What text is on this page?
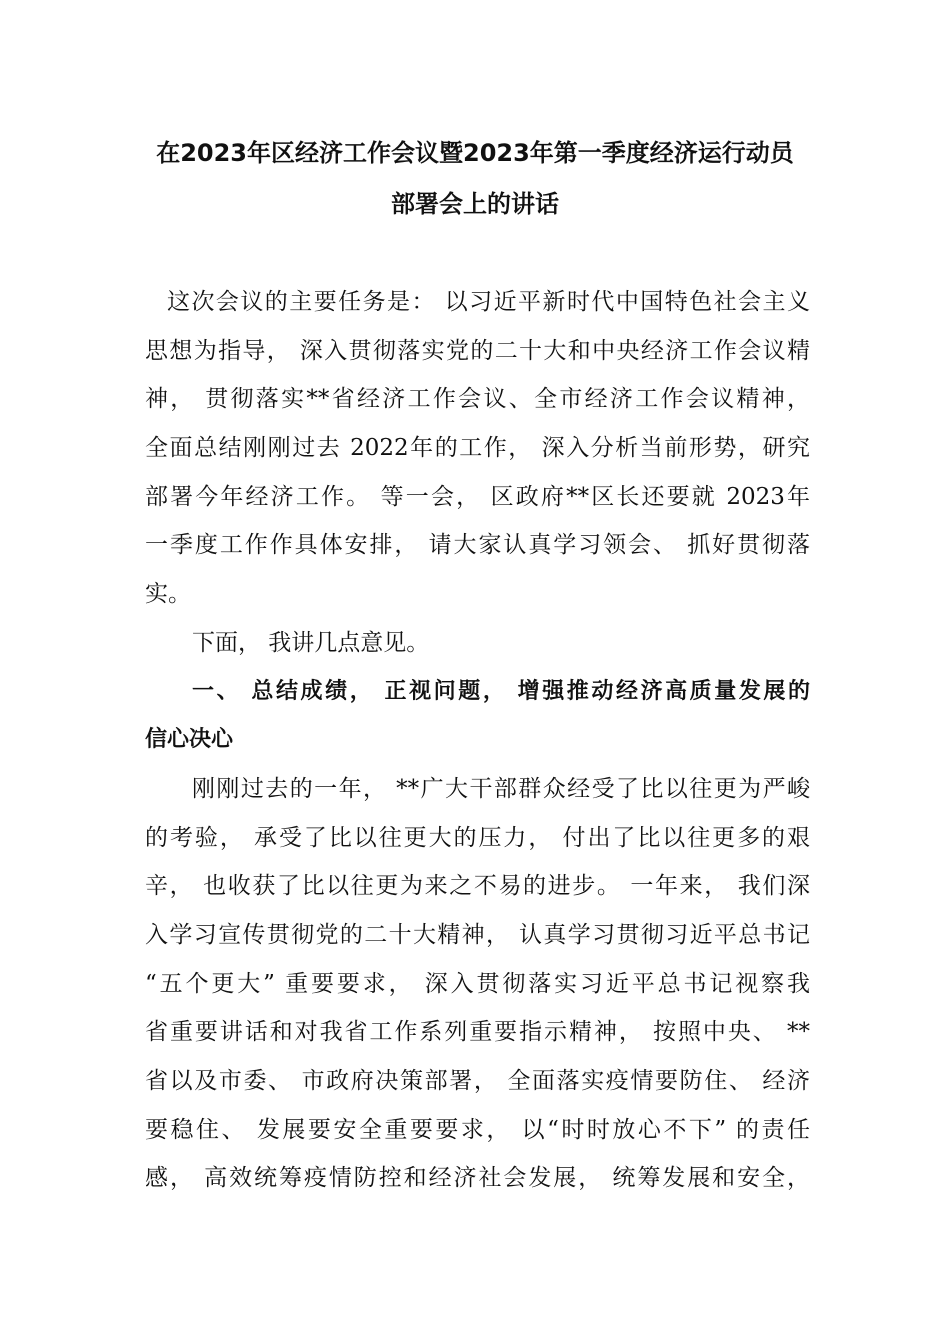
在2023年区经济工作会议暨2023年第一季度经济运行动员
部署会上的讲话
这次会议的主要任务是： 以习近平新时代中国特色社会主义
思想为指导， 深入贯彻落实党的二十大和中央经济工作会议精
神， 贯彻落实**省经济工作会议、全市经济工作会议精神，
全面总结刚刚过去 2022年的工作， 深入分析当前形势，研究
部署今年经济工作。 等一会， 区政府**区长还要就 2023年
一季度工作作具体安排， 请大家认真学习领会、 抓好贯彻落
实。
下面， 我讲几点意见。
一、 总结成绩， 正视问题， 增强推动经济高质量发展的
信心决心
刚刚过去的一年， **广大干部群众经受了比以往更为严峻
的考验， 承受了比以往更大的压力， 付出了比以往更多的艰
辛， 也收获了比以往更为来之不易的进步。 一年来， 我们深
入学习宣传贯彻党的二十大精神， 认真学习贯彻习近平总书记
“五个更大” 重要要求， 深入贯彻落实习近平总书记视察我
省重要讲话和对我省工作系列重要指示精神， 按照中央、 **
省以及市委、 市政府决策部署， 全面落实疫情要防住、 经济
要稳住、 发展要安全重要要求， 以“时时放心不下” 的责任
感， 高效统筹疫情防控和经济社会发展， 统筹发展和安全，
